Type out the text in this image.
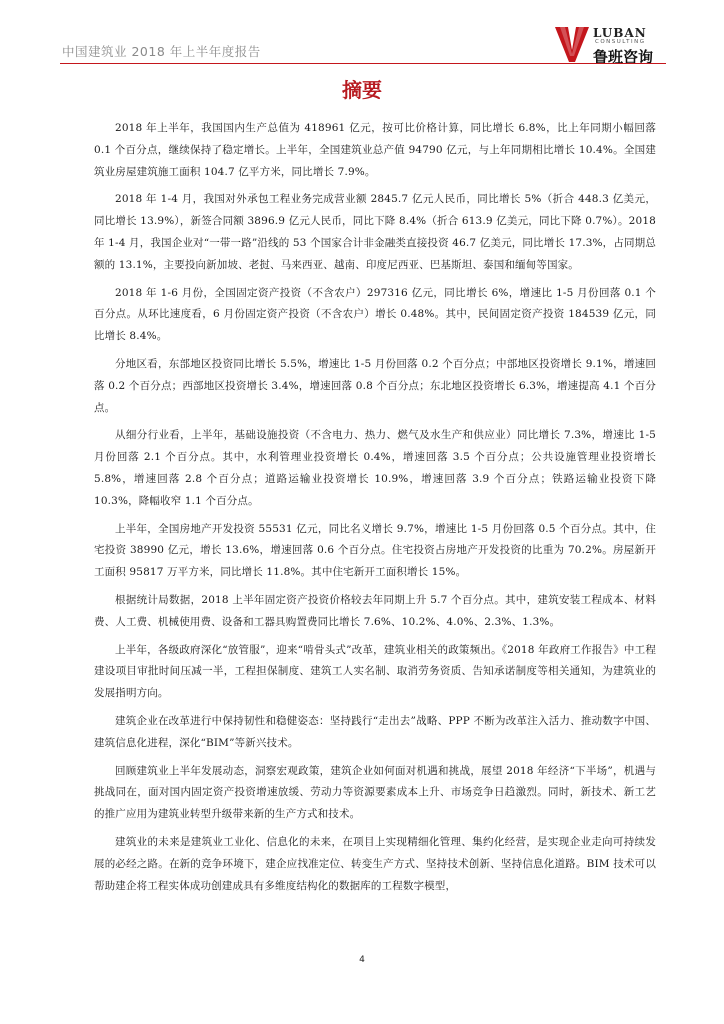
中国建筑业 2018 年上半年度报告
LUBAN
CONSULTING
鲁班咨询
摘要

2018 年上半年，我国国内生产总值为 418961 亿元，按可比价格计算，同比增长 6.8%，比上年同期小幅回落 0.1 个百分点，继续保持了稳定增长。上半年，全国建筑业总产值 94790 亿元，与上年同期相比增长 10.4%。全国建筑业房屋建筑施工面积 104.7 亿平方米，同比增长 7.9%。

2018 年 1-4 月，我国对外承包工程业务完成营业额 2845.7 亿元人民币，同比增长 5%（折合 448.3 亿美元，同比增长 13.9%），新签合同额 3896.9 亿元人民币，同比下降 8.4%（折合 613.9 亿美元，同比下降 0.7%）。2018 年 1-4 月，我国企业对“一带一路”沿线的 53 个国家合计非金融类直接投资 46.7 亿美元，同比增长 17.3%，占同期总额的 13.1%，主要投向新加坡、老挝、马来西亚、越南、印度尼西亚、巴基斯坦、泰国和缅甸等国家。

2018 年 1-6 月份，全国固定资产投资（不含农户）297316 亿元，同比增长 6%，增速比 1-5 月份回落 0.1 个百分点。从环比速度看，6 月份固定资产投资（不含农户）增长 0.48%。其中，民间固定资产投资 184539 亿元，同比增长 8.4%。

分地区看，东部地区投资同比增长 5.5%，增速比 1-5 月份回落 0.2 个百分点；中部地区投资增长 9.1%，增速回落 0.2 个百分点；西部地区投资增长 3.4%，增速回落 0.8 个百分点；东北地区投资增长 6.3%，增速提高 4.1 个百分点。

从细分行业看，上半年，基础设施投资（不含电力、热力、燃气及水生产和供应业）同比增长 7.3%，增速比 1-5 月份回落 2.1 个百分点。其中，水利管理业投资增长 0.4%，增速回落 3.5 个百分点；公共设施管理业投资增长 5.8%，增速回落 2.8 个百分点；道路运输业投资增长 10.9%，增速回落 3.9 个百分点；铁路运输业投资下降 10.3%，降幅收窄 1.1 个百分点。

上半年，全国房地产开发投资 55531 亿元，同比名义增长 9.7%，增速比 1-5 月份回落 0.5 个百分点。其中，住宅投资 38990 亿元，增长 13.6%，增速回落 0.6 个百分点。住宅投资占房地产开发投资的比重为 70.2%。房屋新开工面积 95817 万平方米，同比增长 11.8%。其中住宅新开工面积增长 15%。

根据统计局数据，2018 上半年固定资产投资价格较去年同期上升 5.7 个百分点。其中，建筑安装工程成本、材料费、人工费、机械使用费、设备和工器具购置费同比增长 7.6%、10.2%、4.0%、2.3%、1.3%。

上半年，各级政府深化“放管服”，迎来“啃骨头式”改革，建筑业相关的政策频出。《2018 年政府工作报告》中工程建设项目审批时间压减一半，工程担保制度、建筑工人实名制、取消劳务资质、告知承诺制度等相关通知，为建筑业的发展指明方向。

建筑企业在改革进行中保持韧性和稳健姿态：坚持践行“走出去”战略、PPP 不断为改革注入活力、推动数字中国、建筑信息化进程，深化“BIM”等新兴技术。

回顾建筑业上半年发展动态，洞察宏观政策，建筑企业如何面对机遇和挑战，展望 2018 年经济“下半场”，机遇与挑战同在，面对国内固定资产投资增速放缓、劳动力等资源要素成本上升、市场竞争日趋激烈。同时，新技术、新工艺的推广应用为建筑业转型升级带来新的生产方式和技术。

建筑业的未来是建筑业工业化、信息化的未来，在项目上实现精细化管理、集约化经营，是实现企业走向可持续发展的必经之路。在新的竞争环境下，建企应找准定位、转变生产方式、坚持技术创新、坚持信息化道路。BIM 技术可以帮助建企将工程实体成功创建成具有多维度结构化的数据库的工程数字模型，

4
